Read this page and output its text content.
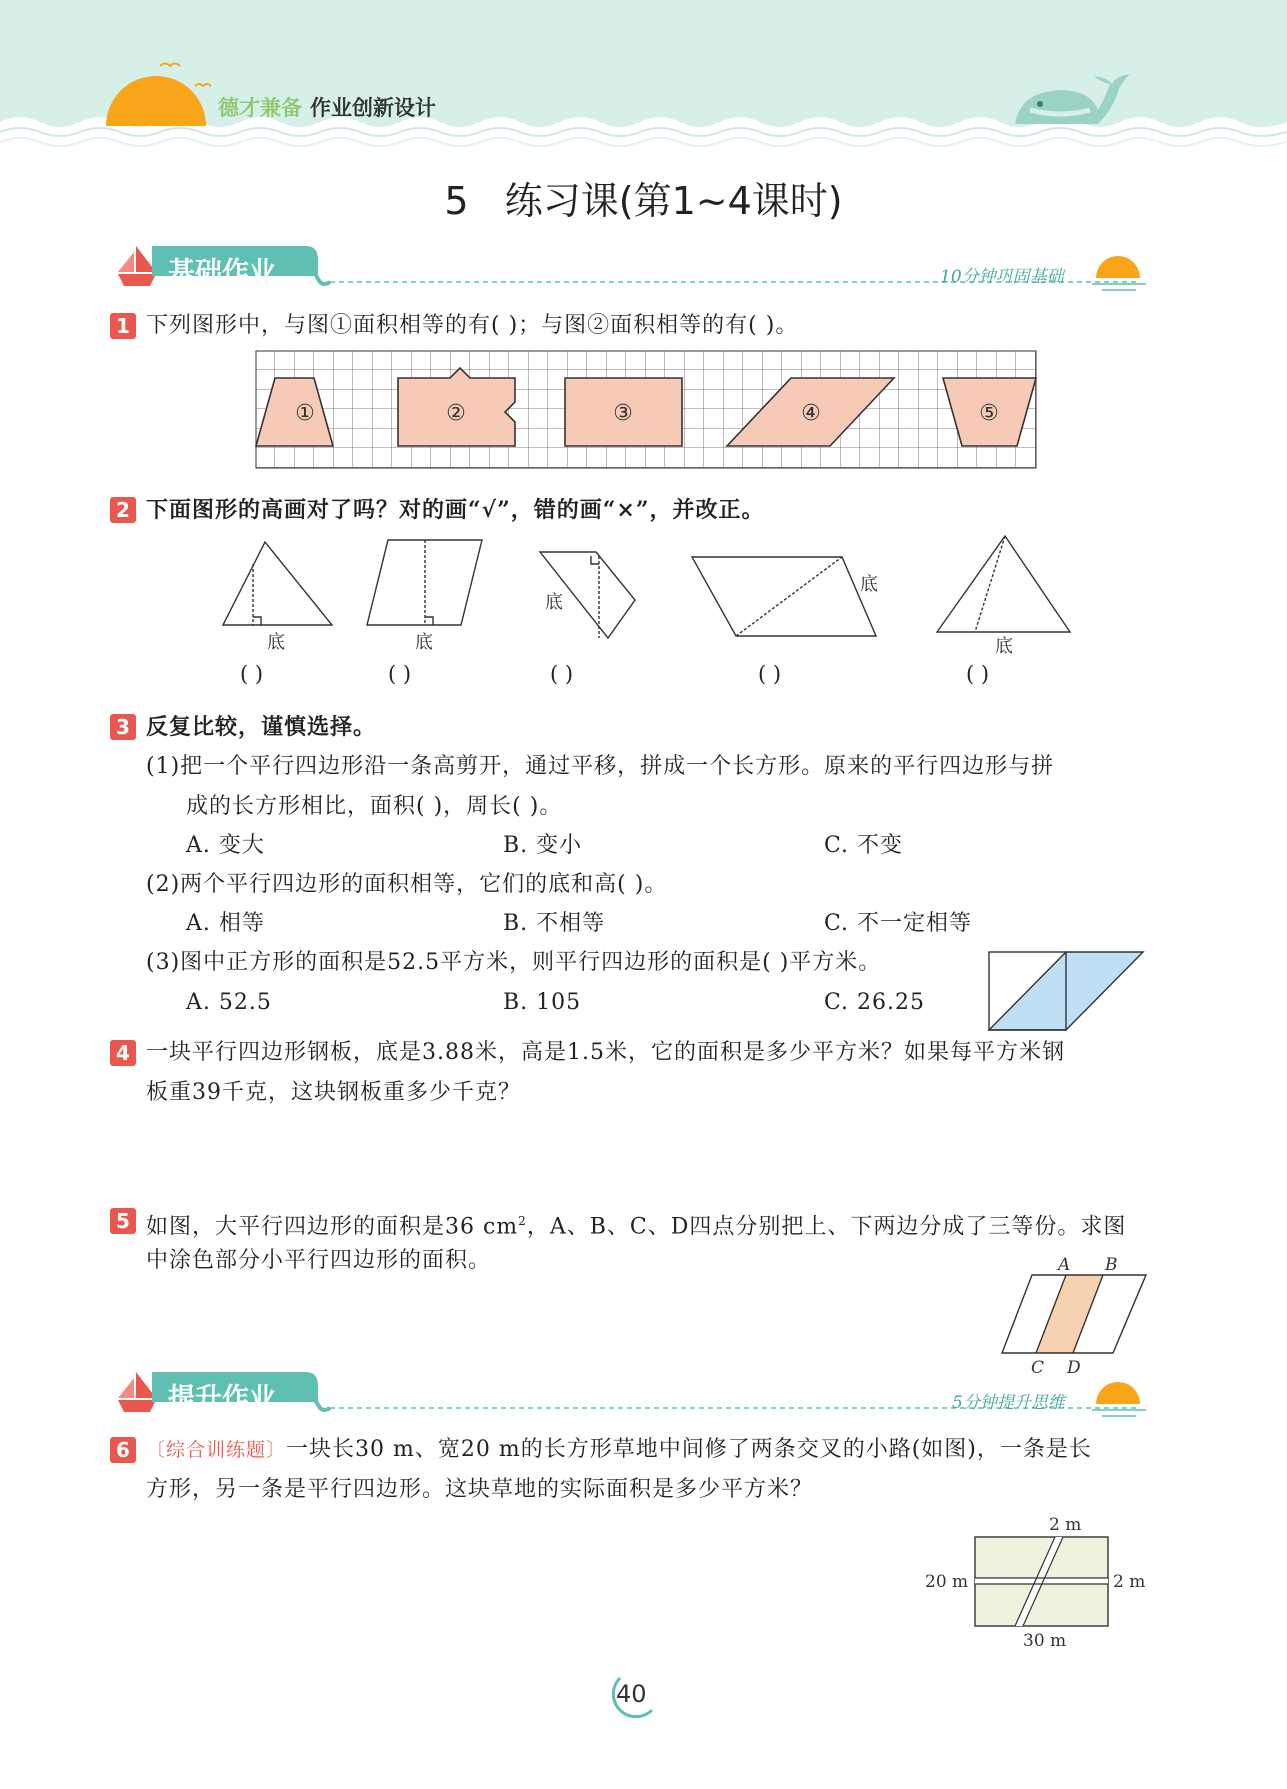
德才兼备 作业创新设计
5   练习课(第1~4课时)
基础作业	10分钟巩固基础
1 下列图形中，与图①面积相等的有( )；与图②面积相等的有( )。
①	②	③	④	⑤
2 下面图形的高画对了吗？对的画“√”，错的画“×”，并改正。
底	底
底
底
底
( )	( )	( )	( )	( )
3 反复比较，谨慎选择。
(1)把一个平行四边形沿一条高剪开，通过平移，拼成一个长方形。原来的平行四边形与拼
成的长方形相比，面积( )，周长( )。
A. 变大	B. 变小	C. 不变
(2)两个平行四边形的面积相等，它们的底和高( )。
A. 相等	B. 不相等	C. 不一定相等
(3)图中正方形的面积是52.5平方米，则平行四边形的面积是( )平方米。
A. 52.5	B. 105	C. 26.25
4 一块平行四边形钢板，底是3.88米，高是1.5米，它的面积是多少平方米？如果每平方米钢
板重39千克，这块钢板重多少千克？
5 如图，大平行四边形的面积是36 $cm^2$，A、B、C、D四点分别把上、下两边分成了三等份。求图
中涂色部分小平行四边形的面积。	A B
C D
提升作业	5分钟提升思维
6 〔综合训练题〕一块长30 m、宽20 m的长方形草地中间修了两条交叉的小路(如图)，一条是长
方形，另一条是平行四边形。这块草地的实际面积是多少平方米？
2 m
20 m	2 m
30 m
40
